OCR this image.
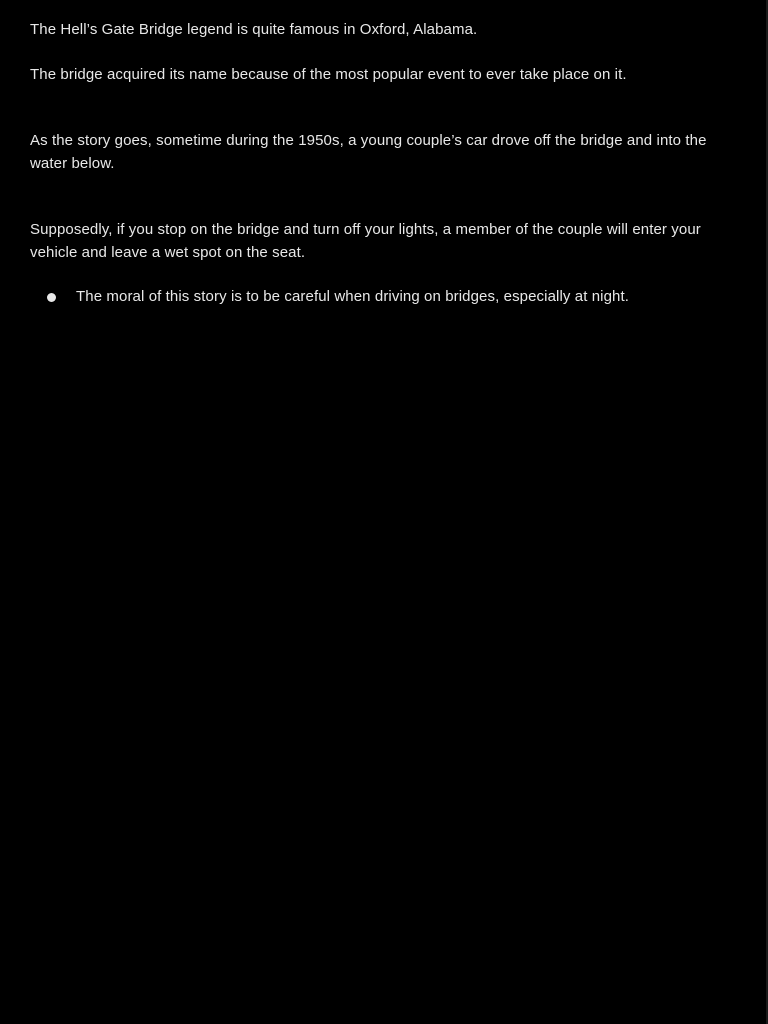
The Hell’s Gate Bridge legend is quite famous in Oxford, Alabama.

The bridge acquired its name because of the most popular event to ever take place on it.

As the story goes, sometime during the 1950s, a young couple’s car drove off the bridge and into the water below.

Supposedly, if you stop on the bridge and turn off your lights, a member of the couple will enter your vehicle and leave a wet spot on the seat.

The moral of this story is to be careful when driving on bridges, especially at night.
